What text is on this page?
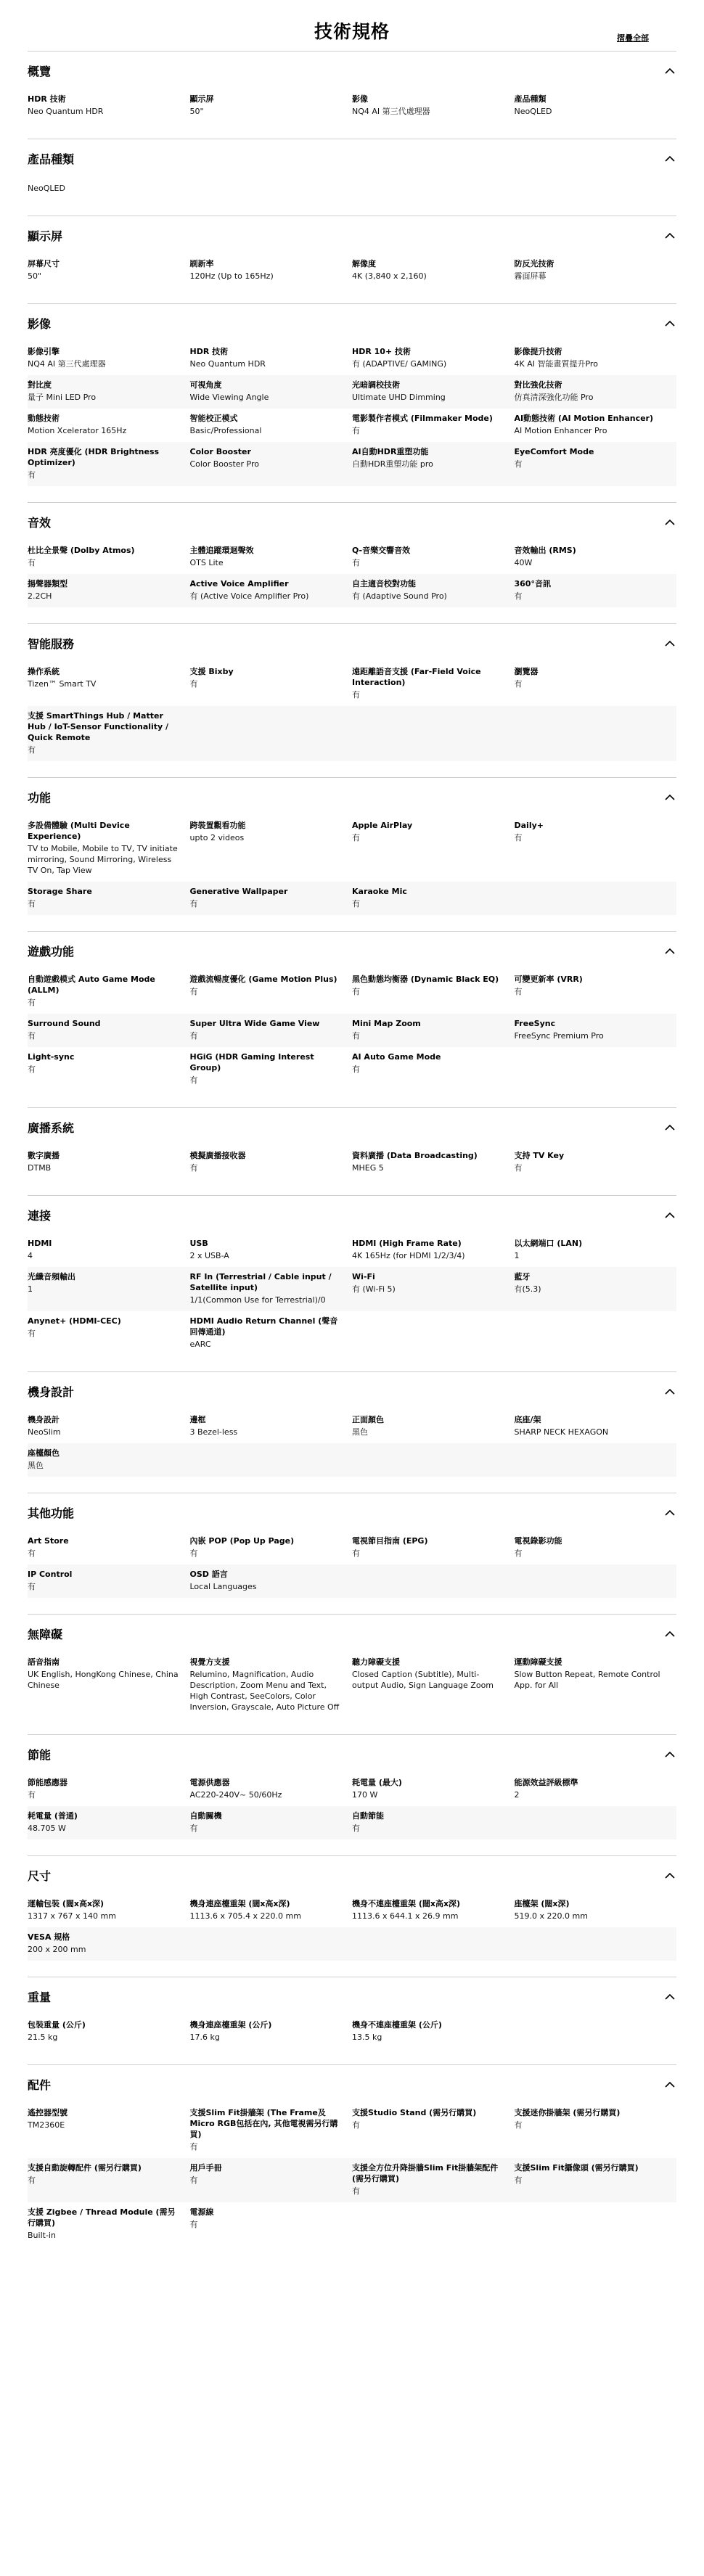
技術規格	摺疊全部
概覽
HDR 技術
Neo Quantum HDR
顯示屏
50"
影像
NQ4 AI 第三代處理器
產品種類
NeoQLED
產品種類
NeoQLED
顯示屏
屏幕尺寸
50"
刷新率
120Hz (Up to 165Hz)
解像度
4K (3,840 x 2,160)
防反光技術
霧面屏幕
影像
影像引擎
NQ4 AI 第三代處理器
HDR 技術
Neo Quantum HDR
HDR 10+ 技術
有 (ADAPTIVE/ GAMING)
影像提升技術
4K AI 智能畫質提升Pro
對比度
量子 Mini LED Pro
可視角度
Wide Viewing Angle
光暗調校技術
Ultimate UHD Dimming
對比強化技術
仿真清深強化功能 Pro
動態技術
Motion Xcelerator 165Hz
智能校正模式
Basic/Professional
電影製作者模式 (Filmmaker Mode)
有
AI動態技術 (AI Motion Enhancer)
AI Motion Enhancer Pro
HDR 亮度優化 (HDR Brightness Optimizer)
有
Color Booster
Color Booster Pro
AI自動HDR重塑功能
自動HDR重塑功能 pro
EyeComfort Mode
有
音效
杜比全景聲 (Dolby Atmos)
有
主體追蹤環迴聲效
OTS Lite
Q-音樂交響音效
有
音效輸出 (RMS)
40W
揚聲器類型
2.2CH
Active Voice Amplifier
有 (Active Voice Amplifier Pro)
自主適音校對功能
有 (Adaptive Sound Pro)
360°音訊
有
智能服務
操作系統
Tizen™ Smart TV
支援 Bixby
有
遠距離語音支援 (Far-Field Voice Interaction)
有
瀏覽器
有
支援 SmartThings Hub / Matter Hub / IoT-Sensor Functionality / Quick Remote
有
功能
多設備體驗 (Multi Device Experience)
TV to Mobile, Mobile to TV, TV initiate mirroring, Sound Mirroring, Wireless TV On, Tap View
跨裝置觀看功能
upto 2 videos
Apple AirPlay
有
Daily+
有
Storage Share
有
Generative Wallpaper
有
Karaoke Mic
有
遊戲功能
自動遊戲模式 Auto Game Mode (ALLM)
有
遊戲流暢度優化 (Game Motion Plus)
有
黑色動態均衡器 (Dynamic Black EQ)
有
可變更新率 (VRR)
有
Surround Sound
有
Super Ultra Wide Game View
有
Mini Map Zoom
有
FreeSync
FreeSync Premium Pro
Light-sync
有
HGiG (HDR Gaming Interest Group)
有
AI Auto Game Mode
有
廣播系統
數字廣播
DTMB
模擬廣播接收器
有
資料廣播 (Data Broadcasting)
MHEG 5
支持 TV Key
有
連接
HDMI
4
USB
2 x USB-A
HDMI (High Frame Rate)
4K 165Hz (for HDMI 1/2/3/4)
以太網端口 (LAN)
1
光纖音頻輸出
1
RF In (Terrestrial / Cable input / Satellite input)
1/1(Common Use for Terrestrial)/0
Wi-Fi
有 (Wi-Fi 5)
藍牙
有(5.3)
Anynet+ (HDMI-CEC)
有
HDMI Audio Return Channel (聲音回傳通道)
eARC
機身設計
機身設計
NeoSlim
邊框
3 Bezel-less
正面顏色
黑色
底座/架
SHARP NECK HEXAGON
座檯顏色
黑色
其他功能
Art Store
有
內嵌 POP (Pop Up Page)
有
電視節目指南 (EPG)
有
電視錄影功能
有
IP Control
有
OSD 語言
Local Languages
無障礙
語音指南
UK English, HongKong Chinese, China Chinese
視覺方支援
Relumino, Magnification, Audio Description, Zoom Menu and Text, High Contrast, SeeColors, Color Inversion, Grayscale, Auto Picture Off
聽力障礙支援
Closed Caption (Subtitle), Multi-output Audio, Sign Language Zoom
運動障礙支援
Slow Button Repeat, Remote Control App. for All
節能
節能感應器
有
電源供應器
AC220-240V~ 50/60Hz
耗電量 (最大)
170 W
能源效益評級標準
2
耗電量 (普通)
48.705 W
自動關機
有
自動節能
有
尺寸
運輸包裝 (闊x高x深)
1317 x 767 x 140 mm
機身連座檯重架 (闊x高x深)
1113.6 x 705.4 x 220.0 mm
機身不連座檯重架 (闊x高x深)
1113.6 x 644.1 x 26.9 mm
座檯架 (闊x深)
519.0 x 220.0 mm
VESA 規格
200 x 200 mm
重量
包裝重量 (公斤)
21.5 kg
機身連座檯重架 (公斤)
17.6 kg
機身不連座檯重架 (公斤)
13.5 kg
配件
遙控器型號
TM2360E
支援Slim Fit掛牆架 (The Frame及 Micro RGB包括在內, 其他電視需另行購買)
有
支援Studio Stand (需另行購買)
有
支援迷你掛牆架 (需另行購買)
有
支援自動旋轉配件 (需另行購買)
有
用戶手冊
有
支援全方位升降掛牆Slim Fit掛牆架配件 (需另行購買)
有
支援Slim Fit攝像頭 (需另行購買)
有
支援 Zigbee / Thread Module (需另行購買)
Built-in
電源線
有
